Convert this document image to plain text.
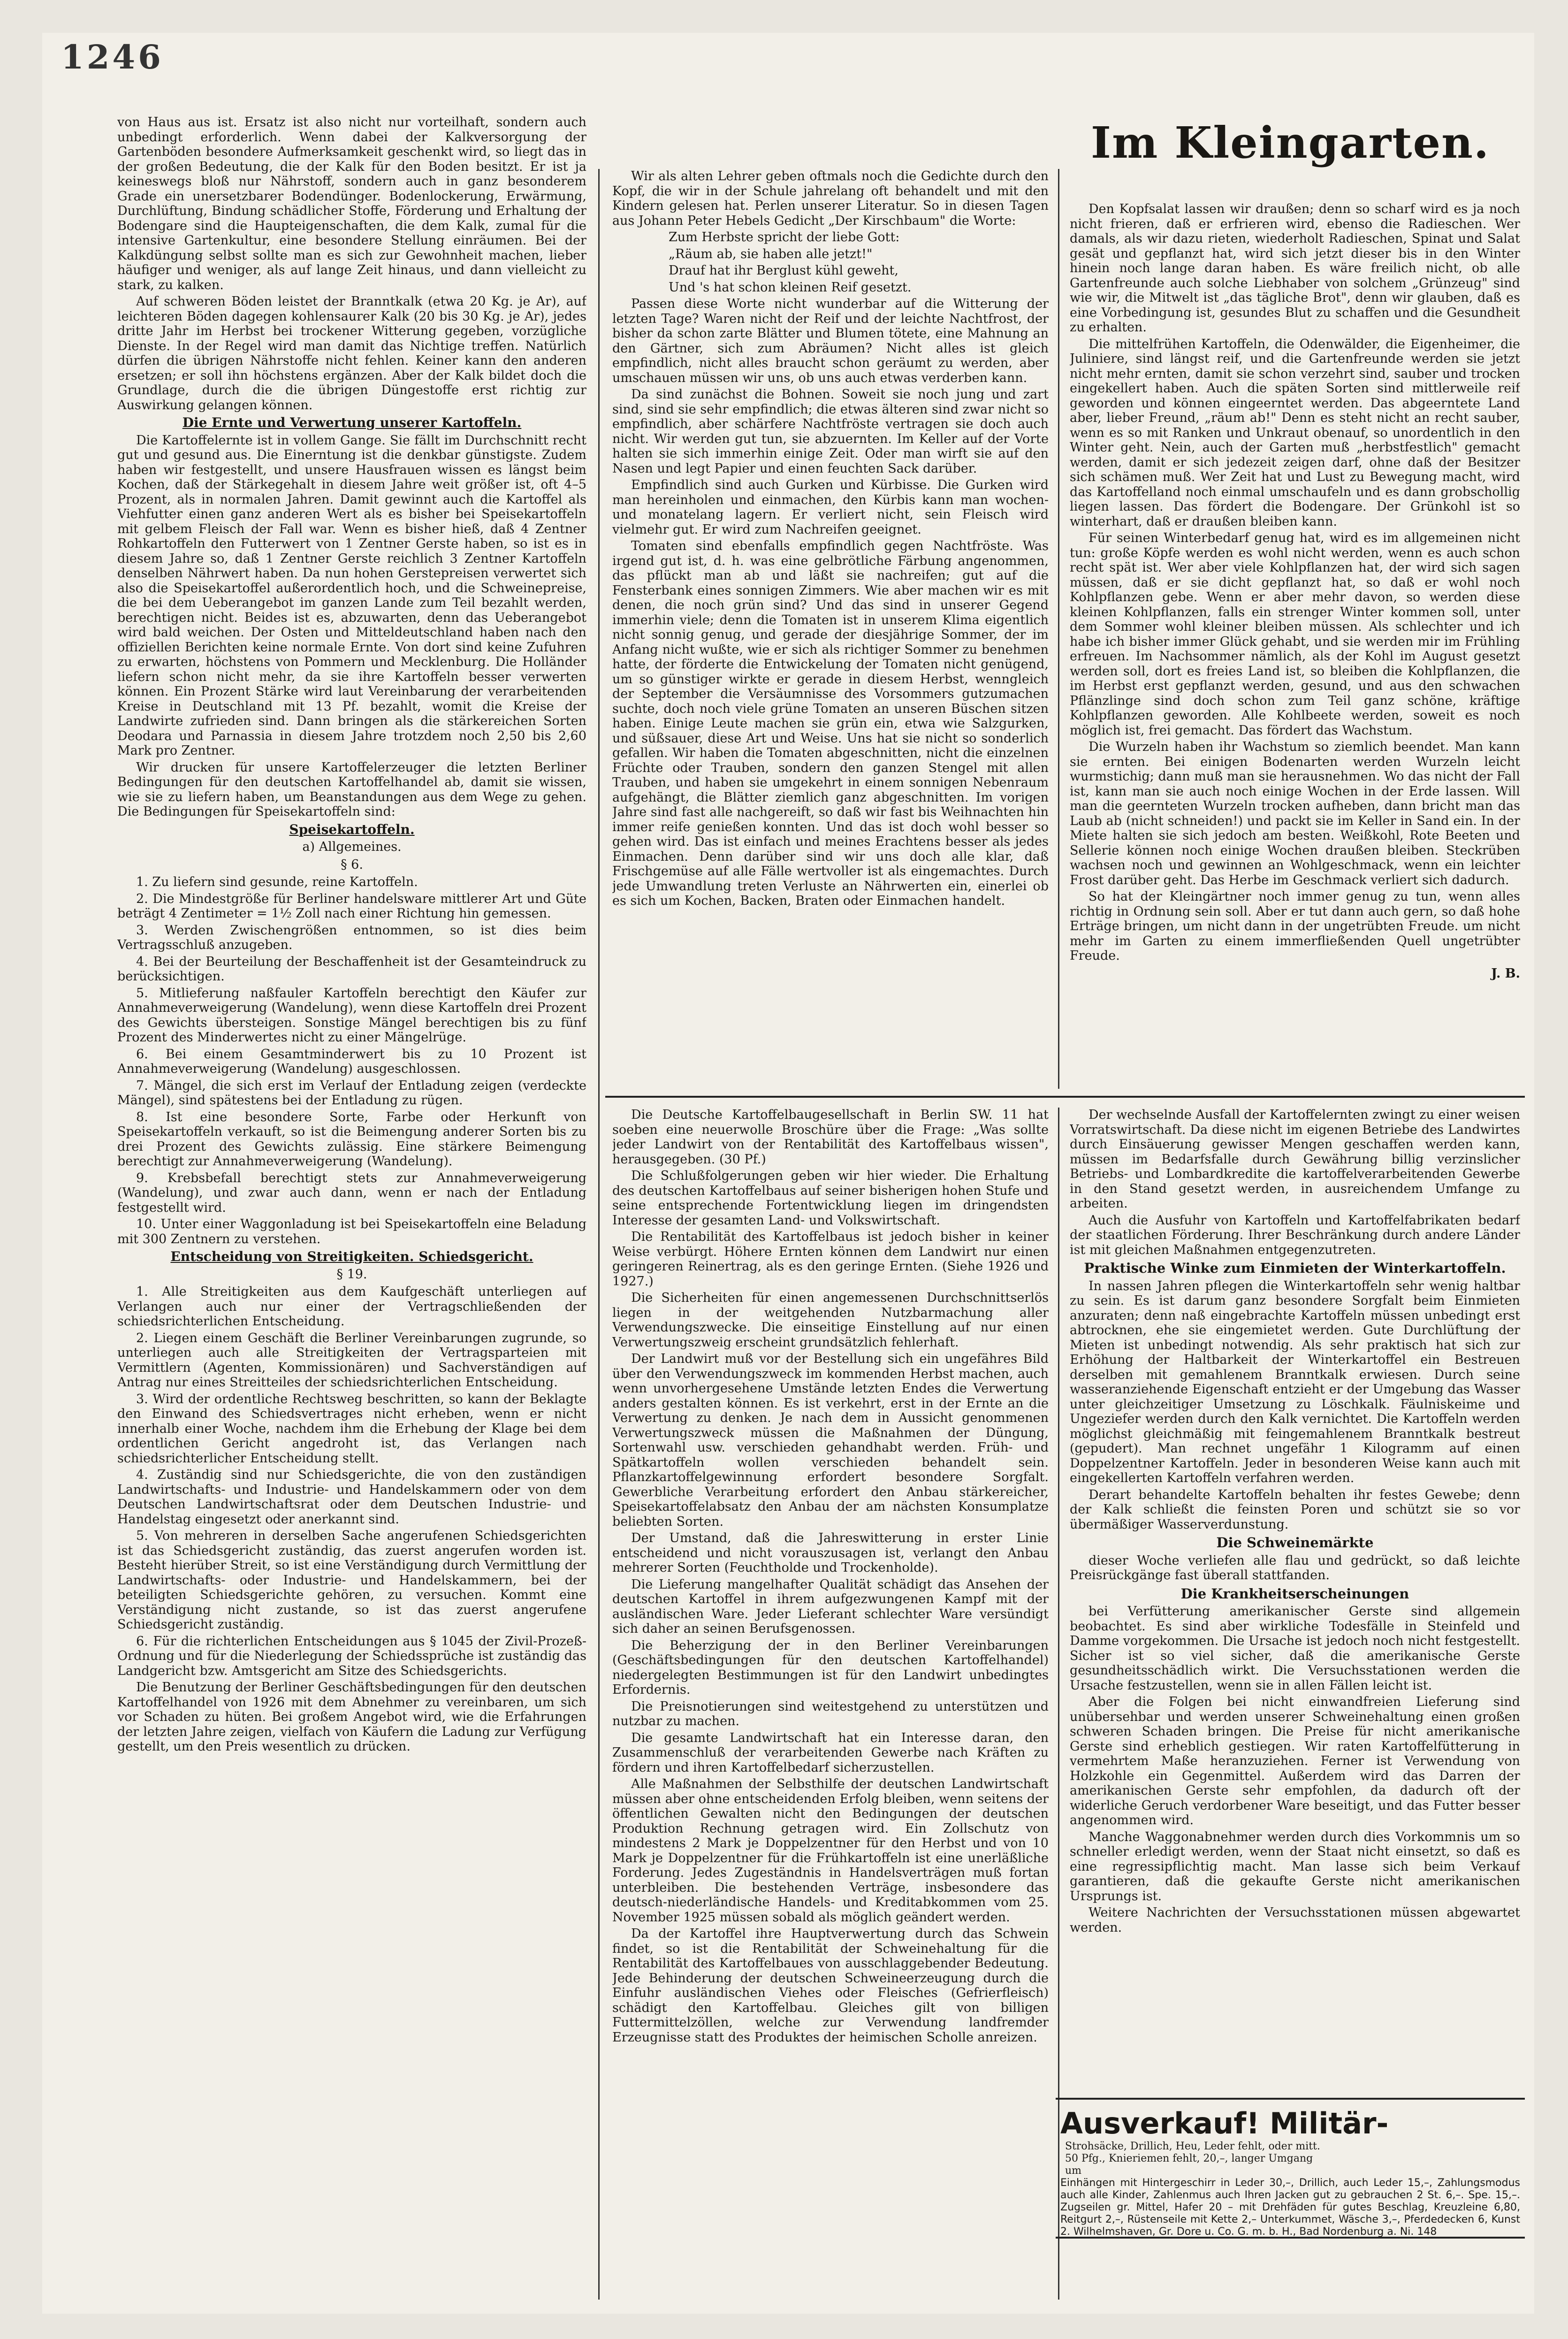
1246

von Haus aus ist. Ersatz ist also nicht nur vorteilhaft, sondern auch unbedingt erforderlich. Wenn dabei der Kalkversorgung der Gartenböden besondere Aufmerksamkeit geschenkt wird, so liegt das in der großen Bedeutung, die der Kalk für den Boden besitzt. Er ist ja keineswegs bloß nur Nährstoff, sondern auch in ganz besonderem Grade ein unersetzbarer Bodendünger. Bodenlockerung, Erwärmung, Durchlüftung, Bindung schädlicher Stoffe, Förderung und Erhaltung der Bodengare sind die Haupteigenschaften, die dem Kalk, zumal für die intensive Gartenkultur, eine besondere Stellung einräumen. Bei der Kalkdüngung selbst sollte man es sich zur Gewohnheit machen, lieber häufiger und weniger, als auf lange Zeit hinaus, und dann vielleicht zu stark, zu kalken.

Auf schweren Böden leistet der Branntkalk (etwa 20 Kg. je Ar), auf leichteren Böden dagegen kohlensaurer Kalk (20 bis 30 Kg. je Ar), jedes dritte Jahr im Herbst bei trockener Witterung gegeben, vorzügliche Dienste. In der Regel wird man damit das Nichtige treffen. Natürlich dürfen die übrigen Nährstoffe nicht fehlen. Keiner kann den anderen ersetzen; er soll ihn höchstens ergänzen. Aber der Kalk bildet doch die Grundlage, durch die die übrigen Düngestoffe erst richtig zur Auswirkung gelangen können.

Die Ernte und Verwertung unserer Kartoffeln.

Die Kartoffelernte ist in vollem Gange. Sie fällt im Durchschnitt recht gut und gesund aus. Die Einerntung ist die denkbar günstigste. Zudem haben wir festgestellt, und unsere Hausfrauen wissen es längst beim Kochen, daß der Stärkegehalt in diesem Jahre weit größer ist, oft 4–5 Prozent, als in normalen Jahren. Damit gewinnt auch die Kartoffel als Viehfutter einen ganz anderen Wert als es bisher bei Speisekartoffeln mit gelbem Fleisch der Fall war. Wenn es bisher hieß, daß 4 Zentner Rohkartoffeln den Futterwert von 1 Zentner Gerste haben, so ist es in diesem Jahre so, daß 1 Zentner Gerste reichlich 3 Zentner Kartoffeln denselben Nährwert haben. Da nun hohen Gerstepreisen verwertet sich also die Speisekartoffel außerordentlich hoch, und die Schweinepreise, die bei dem Ueberangebot im ganzen Lande zum Teil bezahlt werden, berechtigen nicht. Beides ist es, abzuwarten, denn das Ueberangebot wird bald weichen. Der Osten und Mitteldeutschland haben nach den offiziellen Berichten keine normale Ernte. Von dort sind keine Zufuhren zu erwarten, höchstens von Pommern und Mecklenburg. Die Holländer liefern schon nicht mehr, da sie ihre Kartoffeln besser verwerten können. Ein Prozent Stärke wird laut Vereinbarung der verarbeitenden Kreise in Deutschland mit 13 Pf. bezahlt, womit die Kreise der Landwirte zufrieden sind. Dann bringen als die stärkereichen Sorten Deodara und Parnassia in diesem Jahre trotzdem noch 2,50 bis 2,60 Mark pro Zentner.

Wir drucken für unsere Kartoffelerzeuger die letzten Berliner Bedingungen für den deutschen Kartoffelhandel ab, damit sie wissen, wie sie zu liefern haben, um Beanstandungen aus dem Wege zu gehen. Die Bedingungen für Speisekartoffeln sind:

Speisekartoffeln.

a) Allgemeines.

§ 6.

1. Zu liefern sind gesunde, reine Kartoffeln.

2. Die Mindestgröße für Berliner handelsware mittlerer Art und Güte beträgt 4 Zentimeter = 1½ Zoll nach einer Richtung hin gemessen.

3. Werden Zwischengrößen entnommen, so ist dies beim Vertragsschluß anzugeben.

4. Bei der Beurteilung der Beschaffenheit ist der Gesamteindruck zu berücksichtigen.

5. Mitlieferung naßfauler Kartoffeln berechtigt den Käufer zur Annahmeverweigerung (Wandelung), wenn diese Kartoffeln drei Prozent des Gewichts übersteigen. Sonstige Mängel berechtigen bis zu fünf Prozent des Minderwertes nicht zu einer Mängelrüge.

6. Bei einem Gesamtminderwert bis zu 10 Prozent ist Annahmeverweigerung (Wandelung) ausgeschlossen.

7. Mängel, die sich erst im Verlauf der Entladung zeigen (verdeckte Mängel), sind spätestens bei der Entladung zu rügen.

8. Ist eine besondere Sorte, Farbe oder Herkunft von Speisekartoffeln verkauft, so ist die Beimengung anderer Sorten bis zu drei Prozent des Gewichts zulässig. Eine stärkere Beimengung berechtigt zur Annahmeverweigerung (Wandelung).

9. Krebsbefall berechtigt stets zur Annahmeverweigerung (Wandelung), und zwar auch dann, wenn er nach der Entladung festgestellt wird.

10. Unter einer Waggonladung ist bei Speisekartoffeln eine Beladung mit 300 Zentnern zu verstehen.

Entscheidung von Streitigkeiten. Schiedsgericht.

§ 19.

1. Alle Streitigkeiten aus dem Kaufgeschäft unterliegen auf Verlangen auch nur einer der Vertragschließenden der schiedsrichterlichen Entscheidung.

2. Liegen einem Geschäft die Berliner Vereinbarungen zugrunde, so unterliegen auch alle Streitigkeiten der Vertragsparteien mit Vermittlern (Agenten, Kommissionären) und Sachverständigen auf Antrag nur eines Streitteiles der schiedsrichterlichen Entscheidung.

3. Wird der ordentliche Rechtsweg beschritten, so kann der Beklagte den Einwand des Schiedsvertrages nicht erheben, wenn er nicht innerhalb einer Woche, nachdem ihm die Erhebung der Klage bei dem ordentlichen Gericht angedroht ist, das Verlangen nach schiedsrichterlicher Entscheidung stellt.

4. Zuständig sind nur Schiedsgerichte, die von den zuständigen Landwirtschafts- und Industrie- und Handelskammern oder von dem Deutschen Landwirtschaftsrat oder dem Deutschen Industrie- und Handelstag eingesetzt oder anerkannt sind.

5. Von mehreren in derselben Sache angerufenen Schiedsgerichten ist das Schiedsgericht zuständig, das zuerst angerufen worden ist. Besteht hierüber Streit, so ist eine Verständigung durch Vermittlung der Landwirtschafts- oder Industrie- und Handelskammern, bei der beteiligten Schiedsgerichte gehören, zu versuchen. Kommt eine Verständigung nicht zustande, so ist das zuerst angerufene Schiedsgericht zuständig.

6. Für die richterlichen Entscheidungen aus § 1045 der Zivil-Prozeß-Ordnung und für die Niederlegung der Schiedssprüche ist zuständig das Landgericht bzw. Amtsgericht am Sitze des Schiedsgerichts.

Die Benutzung der Berliner Geschäftsbedingungen für den deutschen Kartoffelhandel von 1926 mit dem Abnehmer zu vereinbaren, um sich vor Schaden zu hüten. Bei großem Angebot wird, wie die Erfahrungen der letzten Jahre zeigen, vielfach von Käufern die Ladung zur Verfügung gestellt, um den Preis wesentlich zu drücken.

Wir als alten Lehrer geben oftmals noch die Gedichte durch den Kopf, die wir in der Schule jahrelang oft behandelt und mit den Kindern gelesen hat. Perlen unserer Literatur. So in diesen Tagen aus Johann Peter Hebels Gedicht „Der Kirschbaum" die Worte:

Zum Herbste spricht der liebe Gott:

„Räum ab, sie haben alle jetzt!"

Drauf hat ihr Berglust kühl geweht,

Und 's hat schon kleinen Reif gesetzt.

Passen diese Worte nicht wunderbar auf die Witterung der letzten Tage? Waren nicht der Reif und der leichte Nachtfrost, der bisher da schon zarte Blätter und Blumen tötete, eine Mahnung an den Gärtner, sich zum Abräumen? Nicht alles ist gleich empfindlich, nicht alles braucht schon geräumt zu werden, aber umschauen müssen wir uns, ob uns auch etwas verderben kann.

Da sind zunächst die Bohnen. Soweit sie noch jung und zart sind, sind sie sehr empfindlich; die etwas älteren sind zwar nicht so empfindlich, aber schärfere Nachtfröste vertragen sie doch auch nicht. Wir werden gut tun, sie abzuernten. Im Keller auf der Vorte halten sie sich immerhin einige Zeit. Oder man wirft sie auf den Nasen und legt Papier und einen feuchten Sack darüber.

Empfindlich sind auch Gurken und Kürbisse. Die Gurken wird man hereinholen und einmachen, den Kürbis kann man wochen- und monatelang lagern. Er verliert nicht, sein Fleisch wird vielmehr gut. Er wird zum Nachreifen geeignet.

Tomaten sind ebenfalls empfindlich gegen Nachtfröste. Was irgend gut ist, d. h. was eine gelbrötliche Färbung angenommen, das pflückt man ab und läßt sie nachreifen; gut auf die Fensterbank eines sonnigen Zimmers. Wie aber machen wir es mit denen, die noch grün sind? Und das sind in unserer Gegend immerhin viele; denn die Tomaten ist in unserem Klima eigentlich nicht sonnig genug, und gerade der diesjährige Sommer, der im Anfang nicht wußte, wie er sich als richtiger Sommer zu benehmen hatte, der förderte die Entwickelung der Tomaten nicht genügend, um so günstiger wirkte er gerade in diesem Herbst, wenngleich der September die Versäumnisse des Vorsommers gutzumachen suchte, doch noch viele grüne Tomaten an unseren Büschen sitzen haben. Einige Leute machen sie grün ein, etwa wie Salzgurken, und süßsauer, diese Art und Weise. Uns hat sie nicht so sonderlich gefallen. Wir haben die Tomaten abgeschnitten, nicht die einzelnen Früchte oder Trauben, sondern den ganzen Stengel mit allen Trauben, und haben sie umgekehrt in einem sonnigen Nebenraum aufgehängt, die Blätter ziemlich ganz abgeschnitten. Im vorigen Jahre sind fast alle nachgereift, so daß wir fast bis Weihnachten hin immer reife genießen konnten. Und das ist doch wohl besser so gehen wird. Das ist einfach und meines Erachtens besser als jedes Einmachen. Denn darüber sind wir uns doch alle klar, daß Frischgemüse auf alle Fälle wertvoller ist als eingemachtes. Durch jede Umwandlung treten Verluste an Nährwerten ein, einerlei ob es sich um Kochen, Backen, Braten oder Einmachen handelt.

Im Kleingarten.

Den Kopfsalat lassen wir draußen; denn so scharf wird es ja noch nicht frieren, daß er erfrieren wird, ebenso die Radieschen. Wer damals, als wir dazu rieten, wiederholt Radieschen, Spinat und Salat gesät und gepflanzt hat, wird sich jetzt dieser bis in den Winter hinein noch lange daran haben. Es wäre freilich nicht, ob alle Gartenfreunde auch solche Liebhaber von solchem „Grünzeug" sind wie wir, die Mitwelt ist „das tägliche Brot", denn wir glauben, daß es eine Vorbedingung ist, gesundes Blut zu schaffen und die Gesundheit zu erhalten.

Die mittelfrühen Kartoffeln, die Odenwälder, die Eigenheimer, die Juliniere, sind längst reif, und die Gartenfreunde werden sie jetzt nicht mehr ernten, damit sie schon verzehrt sind, sauber und trocken eingekellert haben. Auch die späten Sorten sind mittlerweile reif geworden und können eingeerntet werden. Das abgeerntete Land aber, lieber Freund, „räum ab!" Denn es steht nicht an recht sauber, wenn es so mit Ranken und Unkraut obenauf, so unordentlich in den Winter geht. Nein, auch der Garten muß „herbstfestlich" gemacht werden, damit er sich jedezeit zeigen darf, ohne daß der Besitzer sich schämen muß. Wer Zeit hat und Lust zu Bewegung macht, wird das Kartoffelland noch einmal umschaufeln und es dann grobschollig liegen lassen. Das fördert die Bodengare. Der Grünkohl ist so winterhart, daß er draußen bleiben kann.

Für seinen Winterbedarf genug hat, wird es im allgemeinen nicht tun: große Köpfe werden es wohl nicht werden, wenn es auch schon recht spät ist. Wer aber viele Kohlpflanzen hat, der wird sich sagen müssen, daß er sie dicht gepflanzt hat, so daß er wohl noch Kohlpflanzen gebe. Wenn er aber mehr davon, so werden diese kleinen Kohlpflanzen, falls ein strenger Winter kommen soll, unter dem Sommer wohl kleiner bleiben müssen. Als schlechter und ich habe ich bisher immer Glück gehabt, und sie werden mir im Frühling erfreuen. Im Nachsommer nämlich, als der Kohl im August gesetzt werden soll, dort es freies Land ist, so bleiben die Kohlpflanzen, die im Herbst erst gepflanzt werden, gesund, und aus den schwachen Pflänzlinge sind doch schon zum Teil ganz schöne, kräftige Kohlpflanzen geworden. Alle Kohlbeete werden, soweit es noch möglich ist, frei gemacht. Das fördert das Wachstum.

Die Wurzeln haben ihr Wachstum so ziemlich beendet. Man kann sie ernten. Bei einigen Bodenarten werden Wurzeln leicht wurmstichig; dann muß man sie herausnehmen. Wo das nicht der Fall ist, kann man sie auch noch einige Wochen in der Erde lassen. Will man die geernteten Wurzeln trocken aufheben, dann bricht man das Laub ab (nicht schneiden!) und packt sie im Keller in Sand ein. In der Miete halten sie sich jedoch am besten. Weißkohl, Rote Beeten und Sellerie können noch einige Wochen draußen bleiben. Steckrüben wachsen noch und gewinnen an Wohlgeschmack, wenn ein leichter Frost darüber geht. Das Herbe im Geschmack verliert sich dadurch.

So hat der Kleingärtner noch immer genug zu tun, wenn alles richtig in Ordnung sein soll. Aber er tut dann auch gern, so daß hohe Erträge bringen, um nicht dann in der ungetrübten Freude. um nicht mehr im Garten zu einem immerfließenden Quell ungetrübter Freude.

J. B.

Die Deutsche Kartoffelbaugesellschaft in Berlin SW. 11 hat soeben eine neuerwolle Broschüre über die Frage: „Was sollte jeder Landwirt von der Rentabilität des Kartoffelbaus wissen", herausgegeben. (30 Pf.)

Die Schlußfolgerungen geben wir hier wieder. Die Erhaltung des deutschen Kartoffelbaus auf seiner bisherigen hohen Stufe und seine entsprechende Fortentwicklung liegen im dringendsten Interesse der gesamten Land- und Volkswirtschaft.

Die Rentabilität des Kartoffelbaus ist jedoch bisher in keiner Weise verbürgt. Höhere Ernten können dem Landwirt nur einen geringeren Reinertrag, als es den geringe Ernten. (Siehe 1926 und 1927.)

Die Sicherheiten für einen angemessenen Durchschnittserlös liegen in der weitgehenden Nutzbarmachung aller Verwendungszwecke. Die einseitige Einstellung auf nur einen Verwertungszweig erscheint grundsätzlich fehlerhaft.

Der Landwirt muß vor der Bestellung sich ein ungefähres Bild über den Verwendungszweck im kommenden Herbst machen, auch wenn unvorhergesehene Umstände letzten Endes die Verwertung anders gestalten können. Es ist verkehrt, erst in der Ernte an die Verwertung zu denken. Je nach dem in Aussicht genommenen Verwertungszweck müssen die Maßnahmen der Düngung, Sortenwahl usw. verschieden gehandhabt werden. Früh- und Spätkartoffeln wollen verschieden behandelt sein. Pflanzkartoffelgewinnung erfordert besondere Sorgfalt. Gewerbliche Verarbeitung erfordert den Anbau stärkereicher, Speisekartoffelabsatz den Anbau der am nächsten Konsumplatze beliebten Sorten.

Der Umstand, daß die Jahreswitterung in erster Linie entscheidend und nicht vorauszusagen ist, verlangt den Anbau mehrerer Sorten (Feuchtholde und Trockenholde).

Die Lieferung mangelhafter Qualität schädigt das Ansehen der deutschen Kartoffel in ihrem aufgezwungenen Kampf mit der ausländischen Ware. Jeder Lieferant schlechter Ware versündigt sich daher an seinen Berufsgenossen.

Die Beherzigung der in den Berliner Vereinbarungen (Geschäftsbedingungen für den deutschen Kartoffelhandel) niedergelegten Bestimmungen ist für den Landwirt unbedingtes Erfordernis.

Die Preisnotierungen sind weitestgehend zu unterstützen und nutzbar zu machen.

Die gesamte Landwirtschaft hat ein Interesse daran, den Zusammenschluß der verarbeitenden Gewerbe nach Kräften zu fördern und ihren Kartoffelbedarf sicherzustellen.

Alle Maßnahmen der Selbsthilfe der deutschen Landwirtschaft müssen aber ohne entscheidenden Erfolg bleiben, wenn seitens der öffentlichen Gewalten nicht den Bedingungen der deutschen Produktion Rechnung getragen wird. Ein Zollschutz von mindestens 2 Mark je Doppelzentner für den Herbst und von 10 Mark je Doppelzentner für die Frühkartoffeln ist eine unerläßliche Forderung. Jedes Zugeständnis in Handelsverträgen muß fortan unterbleiben. Die bestehenden Verträge, insbesondere das deutsch-niederländische Handels- und Kreditabkommen vom 25. November 1925 müssen sobald als möglich geändert werden.

Da der Kartoffel ihre Hauptverwertung durch das Schwein findet, so ist die Rentabilität der Schweinehaltung für die Rentabilität des Kartoffelbaues von ausschlaggebender Bedeutung. Jede Behinderung der deutschen Schweineerzeugung durch die Einfuhr ausländischen Viehes oder Fleisches (Gefrierfleisch) schädigt den Kartoffelbau. Gleiches gilt von billigen Futtermittelzöllen, welche zur Verwendung landfremder Erzeugnisse statt des Produktes der heimischen Scholle anreizen.

Der wechselnde Ausfall der Kartoffelernten zwingt zu einer weisen Vorratswirtschaft. Da diese nicht im eigenen Betriebe des Landwirtes durch Einsäuerung gewisser Mengen geschaffen werden kann, müssen im Bedarfsfalle durch Gewährung billig verzinslicher Betriebs- und Lombardkredite die kartoffelverarbeitenden Gewerbe in den Stand gesetzt werden, in ausreichendem Umfange zu arbeiten.

Auch die Ausfuhr von Kartoffeln und Kartoffelfabrikaten bedarf der staatlichen Förderung. Ihrer Beschränkung durch andere Länder ist mit gleichen Maßnahmen entgegenzutreten.

Praktische Winke zum Einmieten der Winterkartoffeln.

In nassen Jahren pflegen die Winterkartoffeln sehr wenig haltbar zu sein. Es ist darum ganz besondere Sorgfalt beim Einmieten anzuraten; denn naß eingebrachte Kartoffeln müssen unbedingt erst abtrocknen, ehe sie eingemietet werden. Gute Durchlüftung der Mieten ist unbedingt notwendig. Als sehr praktisch hat sich zur Erhöhung der Haltbarkeit der Winterkartoffel ein Bestreuen derselben mit gemahlenem Branntkalk erwiesen. Durch seine wasseranziehende Eigenschaft entzieht er der Umgebung das Wasser unter gleichzeitiger Umsetzung zu Löschkalk. Fäulniskeime und Ungeziefer werden durch den Kalk vernichtet. Die Kartoffeln werden möglichst gleichmäßig mit feingemahlenem Branntkalk bestreut (gepudert). Man rechnet ungefähr 1 Kilogramm auf einen Doppelzentner Kartoffeln. Jeder in besonderen Weise kann auch mit eingekellerten Kartoffeln verfahren werden.

Derart behandelte Kartoffeln behalten ihr festes Gewebe; denn der Kalk schließt die feinsten Poren und schützt sie so vor übermäßiger Wasserverdunstung.

Die Schweinemärkte

dieser Woche verliefen alle flau und gedrückt, so daß leichte Preisrückgänge fast überall stattfanden.

Die Krankheitserscheinungen

bei Verfütterung amerikanischer Gerste sind allgemein beobachtet. Es sind aber wirkliche Todesfälle in Steinfeld und Damme vorgekommen. Die Ursache ist jedoch noch nicht festgestellt. Sicher ist so viel sicher, daß die amerikanische Gerste gesundheitsschädlich wirkt. Die Versuchsstationen werden die Ursache festzustellen, wenn sie in allen Fällen leicht ist.

Aber die Folgen bei nicht einwandfreien Lieferung sind unübersehbar und werden unserer Schweinehaltung einen großen schweren Schaden bringen. Die Preise für nicht amerikanische Gerste sind erheblich gestiegen. Wir raten Kartoffelfütterung in vermehrtem Maße heranzuziehen. Ferner ist Verwendung von Holzkohle ein Gegenmittel. Außerdem wird das Darren der amerikanischen Gerste sehr empfohlen, da dadurch oft der widerliche Geruch verdorbener Ware beseitigt, und das Futter besser angenommen wird.

Manche Waggonabnehmer werden durch dies Vorkommnis um so schneller erledigt werden, wenn der Staat nicht einsetzt, so daß es eine regressipflichtig macht. Man lasse sich beim Verkauf garantieren, daß die gekaufte Gerste nicht amerikanischen Ursprungs ist.

Weitere Nachrichten der Versuchsstationen müssen abgewartet werden.

Ausverkauf! Militär- Strohsäcke, Drillich, Heu, Leder fehlt, oder mitt. 50 Pfg., Knieriemen fehlt, 20,–, langer Umgang um
Einhängen mit Hintergeschirr in Leder 30,–, Drillich, auch Leder 15,–, Zahlungsmodus auch alle Kinder, Zahlenmus auch Ihren Jacken gut zu gebrauchen 2 St. 6,–. Spe. 15,–. Zugseilen gr. Mittel, Hafer 20 – mit Drehfäden für gutes Beschlag, Kreuzleine 6,80, Reitgurt 2,–, Rüstenseile mit Kette 2,– Unterkummet, Wäsche 3,–, Pferdedecken 6, Kunst 2. Wilhelmshaven, Gr. Dore u. Co. G. m. b. H., Bad Nordenburg a. Ni. 148
